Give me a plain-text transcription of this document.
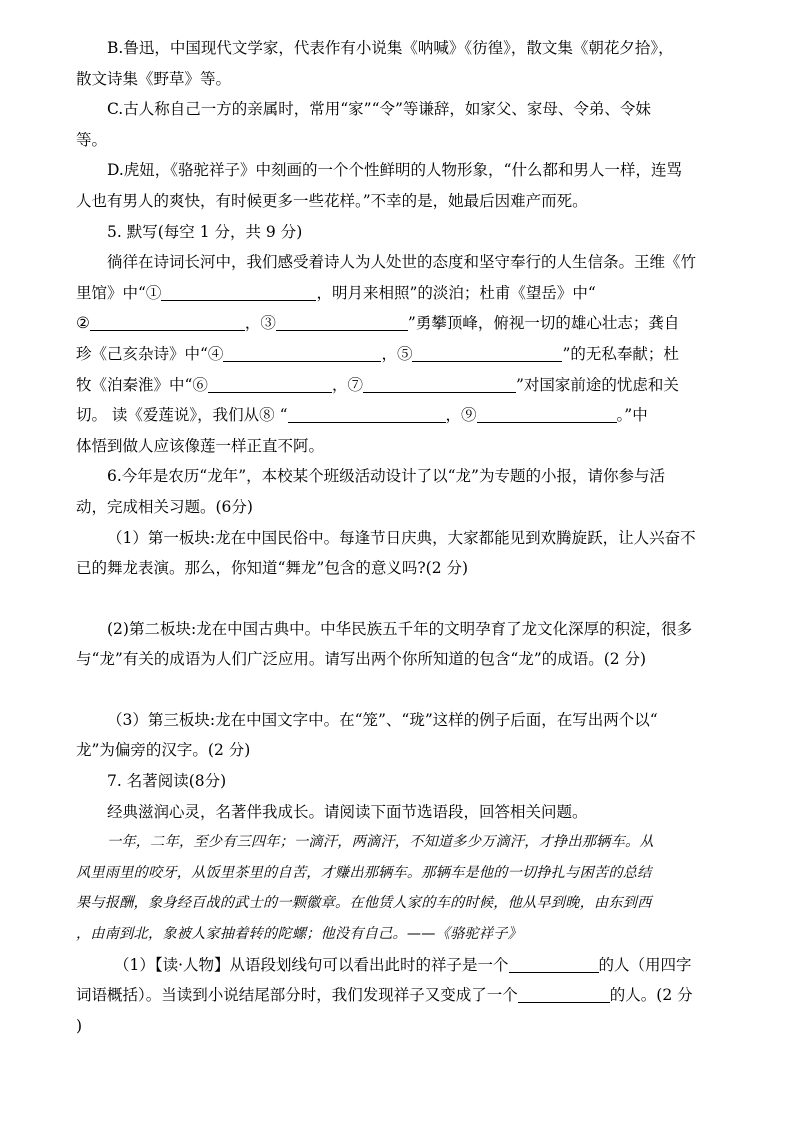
B.鲁迅，中国现代文学家，代表作有小说集《呐喊》《彷徨》，散文集《朝花夕拾》，
散文诗集《野草》等。

C.古人称自己一方的亲属时，常用“家”“令”等谦辞，如家父、家母、令弟、令妹
等。

D.虎妞，《骆驼祥子》中刻画的一个个性鲜明的人物形象，“什么都和男人一样，连骂
人也有男人的爽快，有时候更多一些花样。”不幸的是，她最后因难产而死。

5. 默写(每空 1 分，共 9 分)

徜徉在诗词长河中，我们感受着诗人为人处世的态度和坚守奉行的人生信条。王维《竹
里馆》中“①	，明月来相照”的淡泊；杜甫《望岳》中“
②	，③	”勇攀顶峰，俯视一切的雄心壮志；龚自
珍《己亥杂诗》中“④	，⑤	”的无私奉献；杜
牧《泊秦淮》中“⑥	，⑦	”对国家前途的忧虑和关
切。 读《爱莲说》，我们从⑧ “	，⑨	。”中
体悟到做人应该像莲一样正直不阿。

6.今年是农历“龙年”，本校某个班级活动设计了以“龙”为专题的小报，请你参与活
动，完成相关习题。(6分)

（1）第一板块:龙在中国民俗中。每逢节日庆典，大家都能见到欢腾旋跃，让人兴奋不
已的舞龙表演。那么，你知道“舞龙”包含的意义吗?(2 分)

(2)第二板块:龙在中国古典中。中华民族五千年的文明孕育了龙文化深厚的积淀，很多
与“龙”有关的成语为人们广泛应用。请写出两个你所知道的包含“龙”的成语。(2 分)

（3）第三板块:龙在中国文字中。在“笼”、“珑”这样的例子后面，在写出两个以“
龙”为偏旁的汉字。(2 分)

7. 名著阅读(8分)

经典滋润心灵，名著伴我成长。请阅读下面节选语段，回答相关问题。

一年，二年，至少有三四年；一滴汗，两滴汗，不知道多少万滴汗，才挣出那辆车。从
风里雨里的咬牙，从饭里茶里的自苦，才赚出那辆车。那辆车是他的一切挣扎与困苦的总结
果与报酬，象身经百战的武士的一颗徽章。在他赁人家的车的时候，他从早到晚，由东到西
，由南到北，象被人家抽着转的陀螺；他没有自己。——《骆驼祥子》

（1）【读·人物】从语段划线句可以看出此时的祥子是一个	的人（用四字
词语概括）。当读到小说结尾部分时，我们发现祥子又变成了一个	的人。(2 分
)
